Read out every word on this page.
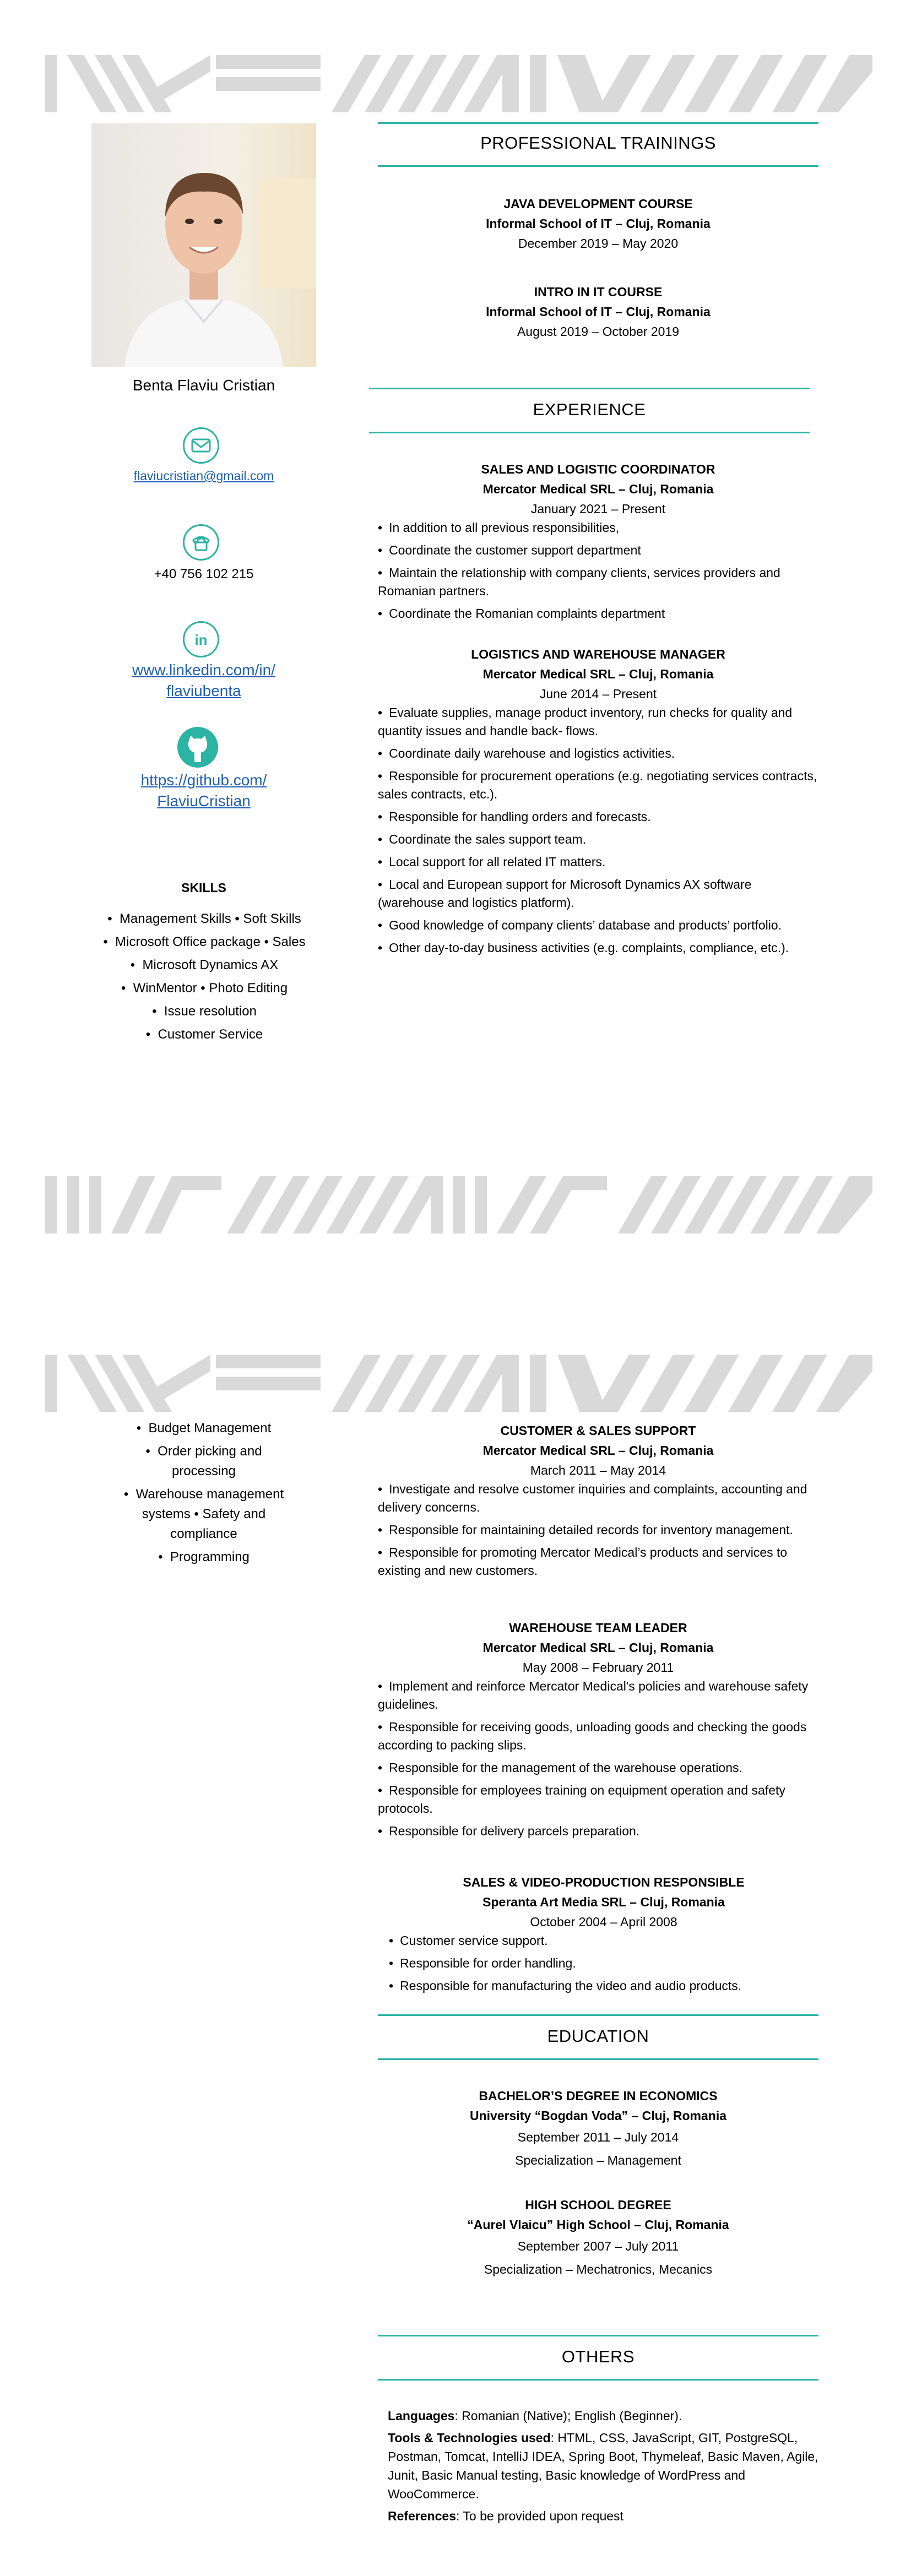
Benta Flaviu Cristian
flaviucristian@gmail.com
+40 756 102 215
in
www.linkedin.com/in/
flaviubenta
https://github.com/
FlaviuCristian
SKILLS
•  Management Skills • Soft Skills
•  Microsoft Office package • Sales
•  Microsoft Dynamics AX
•  WinMentor • Photo Editing
•  Issue resolution
•  Customer Service
PROFESSIONAL TRAININGS
JAVA DEVELOPMENT COURSE
Informal School of IT – Cluj, Romania
December 2019 – May 2020
INTRO IN IT COURSE
Informal School of IT – Cluj, Romania
August 2019 – October 2019
EXPERIENCE
SALES AND LOGISTIC COORDINATOR
Mercator Medical SRL – Cluj, Romania
January 2021 – Present
• In addition to all previous responsibilities,
• Coordinate the customer support department
• Maintain the relationship with company clients, services providers and Romanian partners.
• Coordinate the Romanian complaints department
LOGISTICS AND WAREHOUSE MANAGER
Mercator Medical SRL – Cluj, Romania
June 2014 – Present
• Evaluate supplies, manage product inventory, run checks for quality and quantity issues and handle back- flows.
• Coordinate daily warehouse and logistics activities.
• Responsible for procurement operations (e.g. negotiating services contracts, sales contracts, etc.).
• Responsible for handling orders and forecasts.
• Coordinate the sales support team.
• Local support for all related IT matters.
• Local and European support for Microsoft Dynamics AX software (warehouse and logistics platform).
• Good knowledge of company clients’ database and products’ portfolio.
• Other day-to-day business activities (e.g. complaints, compliance, etc.).
•  Budget Management
•  Order picking and
processing
•  Warehouse management
systems • Safety and
compliance
•  Programming
CUSTOMER & SALES SUPPORT
Mercator Medical SRL – Cluj, Romania
March 2011 – May 2014
• Investigate and resolve customer inquiries and complaints, accounting and delivery concerns.
• Responsible for maintaining detailed records for inventory management.
• Responsible for promoting Mercator Medical’s products and services to existing and new customers.
WAREHOUSE TEAM LEADER
Mercator Medical SRL – Cluj, Romania
May 2008 – February 2011
• Implement and reinforce Mercator Medical's policies and warehouse safety guidelines.
• Responsible for receiving goods, unloading goods and checking the goods according to packing slips.
• Responsible for the management of the warehouse operations.
• Responsible for employees training on equipment operation and safety protocols.
• Responsible for delivery parcels preparation.
SALES & VIDEO-PRODUCTION RESPONSIBLE
Speranta Art Media SRL – Cluj, Romania
October 2004 – April 2008
• Customer service support.
• Responsible for order handling.
• Responsible for manufacturing the video and audio products.
EDUCATION
BACHELOR’S DEGREE IN ECONOMICS
University “Bogdan Voda” – Cluj, Romania
September 2011 – July 2014
Specialization – Management
HIGH SCHOOL DEGREE
“Aurel Vlaicu” High School – Cluj, Romania
September 2007 – July 2011
Specialization – Mechatronics, Mecanics
OTHERS

Languages: Romanian (Native); English (Beginner).

Tools & Technologies used: HTML, CSS, JavaScript, GIT, PostgreSQL, Postman, Tomcat, IntelliJ IDEA, Spring Boot, Thymeleaf, Basic Maven, Agile, Junit, Basic Manual testing, Basic knowledge of WordPress and WooCommerce.

References: To be provided upon request
